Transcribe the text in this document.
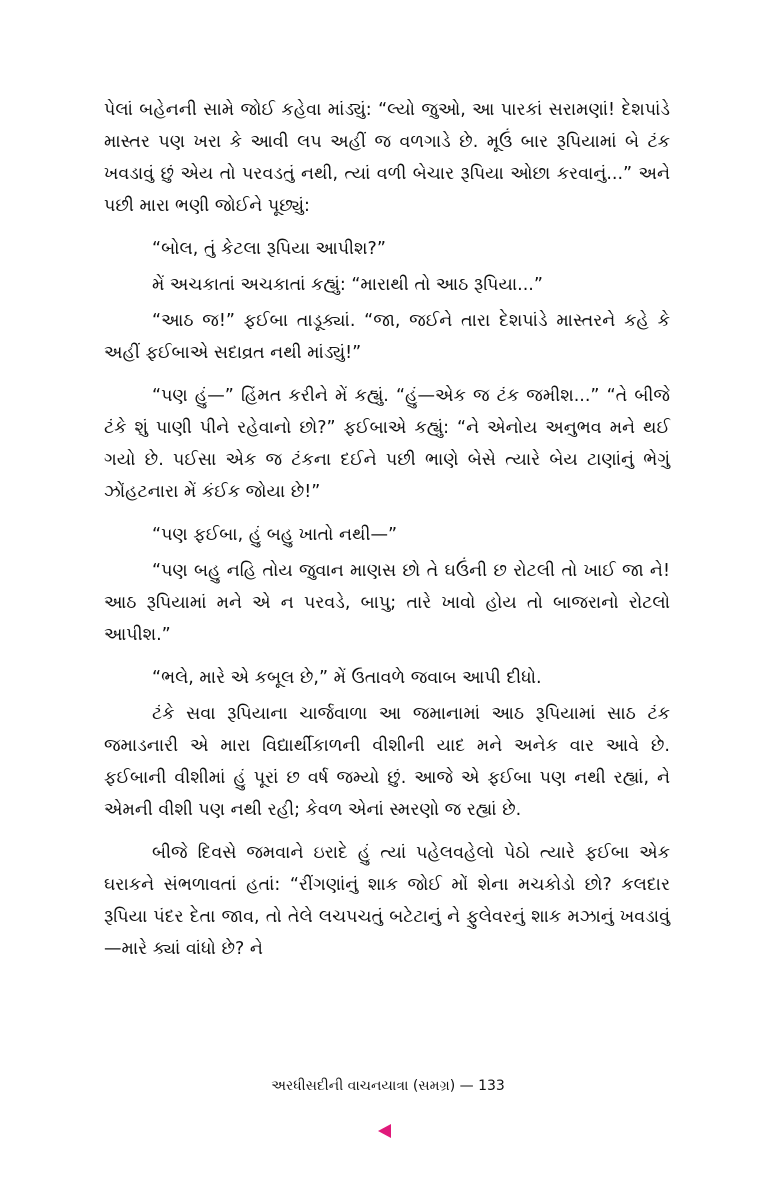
પેલાં બહેનની સામે જોઈ કહેવા માંડ્યું: “લ્યો જુઓ, આ પારકાં સરામણાં! દેશપાંડે માસ્તર પણ ખરા કે આવી લપ અહીં જ વળગાડે છે. મૂઉં બાર રૂપિયામાં બે ટંક ખવડાવું છું એય તો પરવડતું નથી, ત્યાં વળી બેચાર રૂપિયા ઓછા કરવાનું...” અને પછી મારા ભણી જોઈને પૂછ્યું:

“બોલ, તું કેટલા રૂપિયા આપીશ?”

મેં અચકાતાં અચકાતાં કહ્યું: “મારાથી તો આઠ રૂપિયા...”

“આઠ જ!” ફઈબા તાડૂક્યાં. “જા, જઈને તારા દેશપાંડે માસ્તરને કહે કે અહીં ફઈબાએ સદાવ્રત નથી માંડ્યું!”

“પણ હું—” હિંમત કરીને મેં કહ્યું. “હું—એક જ ટંક જમીશ...” “તે બીજે ટંકે શું પાણી પીને રહેવાનો છો?” ફઈબાએ કહ્યું: “ને એનોય અનુભવ મને થઈ ગયો છે. પઈસા એક જ ટંકના દઈને પછી ભાણે બેસે ત્યારે બેય ટાણાંનું ભેગું ઝોંહટનારા મેં કંઈક જોયા છે!”

“પણ ફઈબા, હું બહુ ખાતો નથી—”

“પણ બહુ નહિ તોય જુવાન માણસ છો તે ઘઉંની છ રોટલી તો ખાઈ જા ને! આઠ રૂપિયામાં મને એ ન પરવડે, બાપુ; તારે ખાવો હોય તો બાજરાનો રોટલો આપીશ.”

“ભલે, મારે એ કબૂલ છે,” મેં ઉતાવળે જવાબ આપી દીધો.

ટંકે સવા રૂપિયાના ચાર્જવાળા આ જમાનામાં આઠ રૂપિયામાં સાઠ ટંક જમાડનારી એ મારા વિદ્યાર્થીકાળની વીશીની યાદ મને અનેક વાર આવે છે. ફઈબાની વીશીમાં હું પૂરાં છ વર્ષ જમ્યો છું. આજે એ ફઈબા પણ નથી રહ્યાં, ને એમની વીશી પણ નથી રહી; કેવળ એનાં સ્મરણો જ રહ્યાં છે.

બીજે દિવસે જમવાને ઇરાદે હું ત્યાં પહેલવહેલો પેઠો ત્યારે ફઈબા એક ઘરાકને સંભળાવતાં હતાં: “રીંગણાંનું શાક જોઈ મોં શેના મચકોડો છો? કલદાર રૂપિયા પંદર દેતા જાવ, તો તેલે લચપચતું બટેટાનું ને ફુલેવરનું શાક મઝાનું ખવડાવું—મારે ક્યાં વાંધો છે? ને

અરધીસદીની વાચનયાત્રા (સમગ્ર) — 133
